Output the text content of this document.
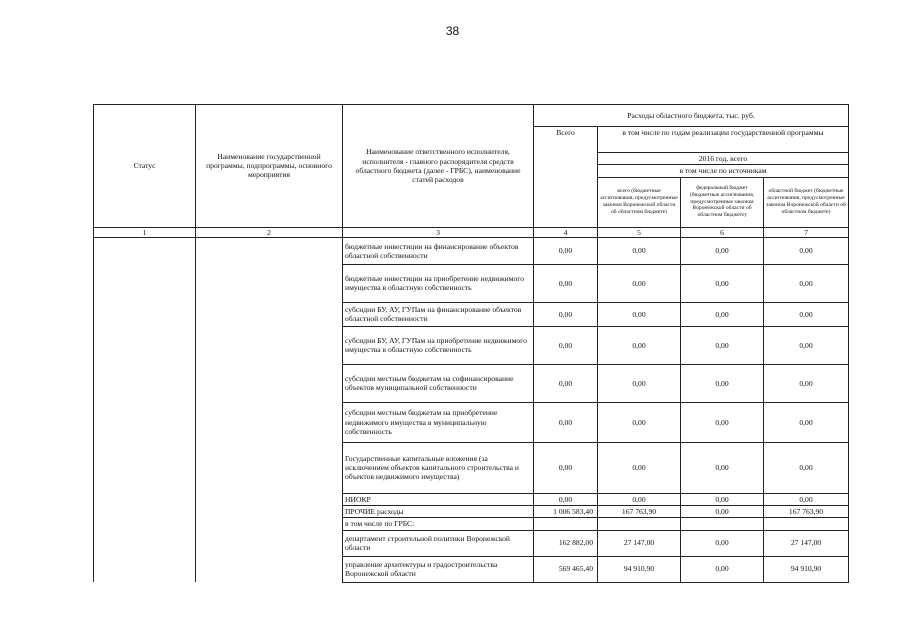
38
Статус	Наименование государственной программы, подпрограммы, основного мероприятия	Наименование ответственного исполнителя, исполнителя - главного распорядителя средств областного бюджета (далее - ГРБС), наименование статей расходов	Расходы областного бюджета, тыс. руб.			
			Всего	в том числе по годам реализации государственной программы		
				2016 год, всего		
				в том числе по источникам		
				всего (бюджетные ассигнования, предусмотренные законом Воронежской области об областном бюджете)	федеральный бюджет (бюджетные ассигнования, предусмотренные законом Воронежской области об областном бюджете)	областной бюджет (бюджетные ассигнования, предусмотренные законом Воронежской области об областном бюджете)
1	2	3	4	5	6	7
		бюджетные инвестиции на финансирование объектов областной собственности	0,00	0,00	0,00	0,00
		бюджетные инвестиции на приобретение недвижимого имущества в областную собственность	0,00	0,00	0,00	0,00
		субсидии БУ, АУ, ГУПам на финансирование объектов областной собственности	0,00	0,00	0,00	0,00
		субсидии БУ, АУ, ГУПам на приобретение недвижимого имущества в областную собственность	0,00	0,00	0,00	0,00
		субсидии местным бюджетам на софинансирование объектов муниципальной собственности	0,00	0,00	0,00	0,00
		субсидии местным бюджетам на приобретение недвижимого имущества в муниципальную собственность	0,00	0,00	0,00	0,00
		Государственные капитальные вложения (за исключением объектов капитального строительства и объектов недвижимого имущества)	0,00	0,00	0,00	0,00
		НИОКР	0,00	0,00	0,00	0,00
		ПРОЧИЕ расходы	1 006 583,40	167 763,90	0,00	167 763,90
		в том числе по ГРБС:				
		департамент строительной политики Воронежской области	162 882,00	27 147,00	0,00	27 147,00
		управление архитектуры и градостроительства Воронежской области	569 465,40	94 910,90	0,00	94 910,90
